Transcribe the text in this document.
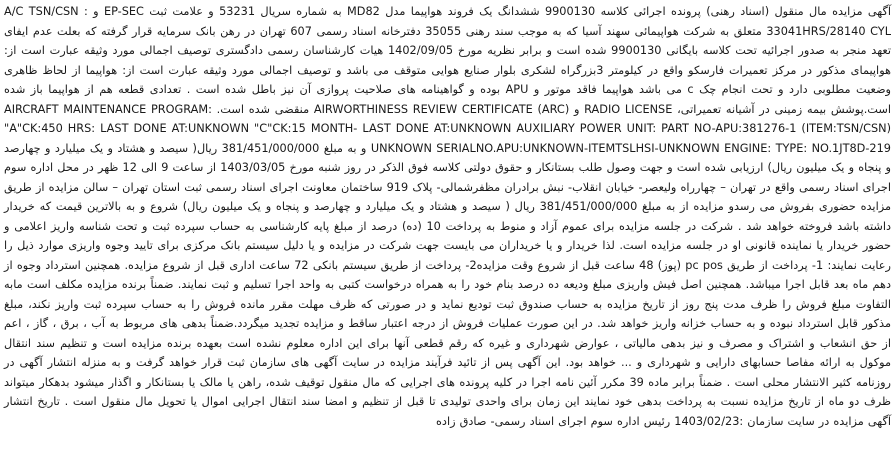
آگهی مزایده مال منقول (اسناد رهنی) پرونده اجرائی کلاسه 9900130 ششدانگ یک فروند هواپیما مدل MD82 به شماره سریال 53231 و علامت ثبت EP-SEC و : A/C TSN/CSN 33041HRS/28140 CYL متعلق به شرکت هواپیمائی سهند آسیا که به موجب سند رهنی 35055 دفترخانه اسناد رسمی 607 تهران در رهن بانک سرمایه قرار گرفته که بعلت عدم ایفای تعهد منجر به صدور اجرائیه تحت کلاسه بایگانی 9900130 شده است و برابر نظریه مورخ 1402/09/05 هیات کارشناسان رسمی دادگستری توصیف اجمالی مورد وثیقه عبارت است از: هواپیمای مذکور در مرکز تعمیرات فارسکو واقع در کیلومتر 3بزرگراه لشکری بلوار صنایع هوایی متوقف می باشد و توصیف اجمالی مورد وثیقه عبارت است از: هواپیما از لحاظ ظاهری وضعیت مطلوبی دارد و تحت انجام چک c می باشد هواپیما فاقد موتور و APU بوده و گواهینامه های صلاحیت پروازی آن نیز باطل شده است . تعدادی قطعه هم از هواپیما باز شده است.پوشش بیمه زمینی در آشیانه تعمیراتی، RADIO LICENSE و (AIRWORTHINESS REVIEW CERTIFICATE (ARC منقضی شده است. AIRCRAFT MAINTENANCE PROGRAM: "A"CK:450 HRS: LAST DONE AT:UNKNOWN "C"CK:15 MONTH- LAST DONE AT:UNKNOWN AUXILIARY POWER UNIT: PART NO-APU:381276-1 (ITEM:TSN/CSN) UNKNOWN SERIALNO.APU:UNKNOWN-ITEMTSLHSI-UNKNOWN ENGINE: TYPE: NO.1JT8D-219 و به مبلغ 381/451/000/000 ریال( سیصد و هشتاد و یک میلیارد و چهارصد و پنجاه و یک میلیون ریال) ارزیابی شده است و جهت وصول طلب بستانکار و حقوق دولتی کلاسه فوق الذکر در روز شنبه مورخ 1403/03/05 از ساعت 9 الی 12 ظهر در محل اداره سوم اجرای اسناد رسمی واقع در تهران – چهارراه ولیعصر- خیابان انقلاب- نبش برادران مظفرشمالی- پلاک 919 ساختمان معاونت اجرای اسناد رسمی ثبت استان تهران – سالن مزایده از طریق مزایده حضوری بفروش می رسدو مزایده از به مبلغ 381/451/000/000 ریال ( سیصد و هشتاد و یک میلیارد و چهارصد و پنجاه و یک میلیون ریال) شروع و به بالاترین قیمت که خریدار داشته باشد فروخته خواهد شد . شرکت در جلسه مزایده برای عموم آزاد و منوط به پرداخت 10 (ده) درصد از مبلغ پایه کارشناسی به حساب سپرده ثبت و تحت شناسه واریز اعلامی و حضور خریدار یا نماینده قانونی او در جلسه مزایده است. لذا خریدار و یا خریداران می بایست جهت شرکت در مزایده و یا دلیل سیستم بانک مرکزی برای تایید وجوه واریزی موارد ذیل را رعایت نمایند: 1- پرداخت از طریق pc pos (پوز) 48 ساعت قبل از شروع وقت مزایده2- پرداخت از طریق سیستم بانکی 72 ساعت اداری قبل از شروع مزایده. همچنین استرداد وجوه از دهم ماه بعد قابل اجرا میباشد. همچنین اصل فیش واریزی مبلغ ودیعه ده درصد بنام خود را به همراه درخواست کتبی به واحد اجرا تسلیم و ثبت نمایند. ضمناً برنده مزایده مکلف است مابه التفاوت مبلغ فروش را ظرف مدت پنج روز از تاریخ مزایده به حساب صندوق ثبت تودیع نماید و در صورتی که ظرف مهلت مقرر مانده فروش را به حساب سپرده ثبت واریز نکند، مبلغ مذکور قابل استرداد نبوده و به حساب خزانه واریز خواهد شد. در این صورت عملیات فروش از درجه اعتبار ساقط و مزایده تجدید میگردد.ضمناً بدهی های مربوط به آب ، برق ، گاز ، اعم از حق انشعاب و اشتراک و مصرف و نیز بدهی مالیاتی ، عوارض شهرداری و غیره که رقم قطعی آنها برای این اداره معلوم نشده است بعهده برنده مزایده است و تنظیم سند انتقال موکول به ارائه مفاصا حسابهای دارایی و شهرداری و ... خواهد بود. این آگهی پس از تائید فرآیند مزایده در سایت آگهی های سازمان ثبت قرار خواهد گرفت و به منزله انتشار آگهی در روزنامه کثیر الانتشار محلی است . ضمناً برابر ماده 39 مکرر آئین نامه اجرا در کلیه پرونده های اجرایی که مال منقول توقیف شده، راهن یا مالک یا بستانکار و اگذار میشود بدهکار میتواند ظرف دو ماه از تاریخ مزایده نسبت به پرداخت بدهی خود نمایند این زمان برای واحدی تولیدی تا قبل از تنظیم و امضا سند انتقال اجرایی اموال یا تحویل مال منقول است . تاریخ انتشار آگهی مزایده در سایت سازمان :1403/02/23 رئیس اداره سوم اجرای اسناد رسمی- صادق زاده
